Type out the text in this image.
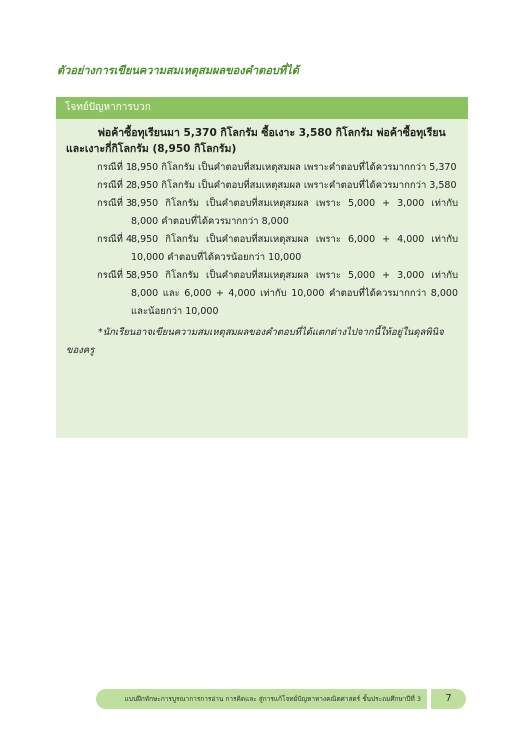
ตัวอย่างการเขียนความสมเหตุสมผลของคำตอบที่ได้
โจทย์ปัญหาการบวก
พ่อค้าซื้อทุเรียนมา 5,370 กิโลกรัม ซื้อเงาะ 3,580 กิโลกรัม พ่อค้าซื้อทุเรียนและเงาะกี่กิโลกรัม (8,950 กิโลกรัม)
กรณีที่ 1 8,950 กิโลกรัม เป็นคำตอบที่สมเหตุสมผล เพราะคำตอบที่ได้ควรมากกว่า 5,370
กรณีที่ 2 8,950 กิโลกรัม เป็นคำตอบที่สมเหตุสมผล เพราะคำตอบที่ได้ควรมากกว่า 3,580
กรณีที่ 3 8,950 กิโลกรัม เป็นคำตอบที่สมเหตุสมผล เพราะ 5,000 + 3,000 เท่ากับ 8,000 คำตอบที่ได้ควรมากกว่า 8,000
กรณีที่ 4 8,950 กิโลกรัม เป็นคำตอบที่สมเหตุสมผล เพราะ 6,000 + 4,000 เท่ากับ 10,000 คำตอบที่ได้ควรน้อยกว่า 10,000
กรณีที่ 5 8,950 กิโลกรัม เป็นคำตอบที่สมเหตุสมผล เพราะ 5,000 + 3,000 เท่ากับ 8,000 และ 6,000 + 4,000 เท่ากับ 10,000 คำตอบที่ได้ควรมากกว่า 8,000 และน้อยกว่า 10,000
*นักเรียนอาจเขียนความสมเหตุสมผลของคำตอบที่ได้แตกต่างไปจากนี้ให้อยู่ในดุลพินิจของครู
แบบฝึกทักษะการบูรณาการการอ่าน การคิดและ สู่การแก้โจทย์ปัญหาทางคณิตศาสตร์ ชั้นประถมศึกษาปีที่ 3	7
